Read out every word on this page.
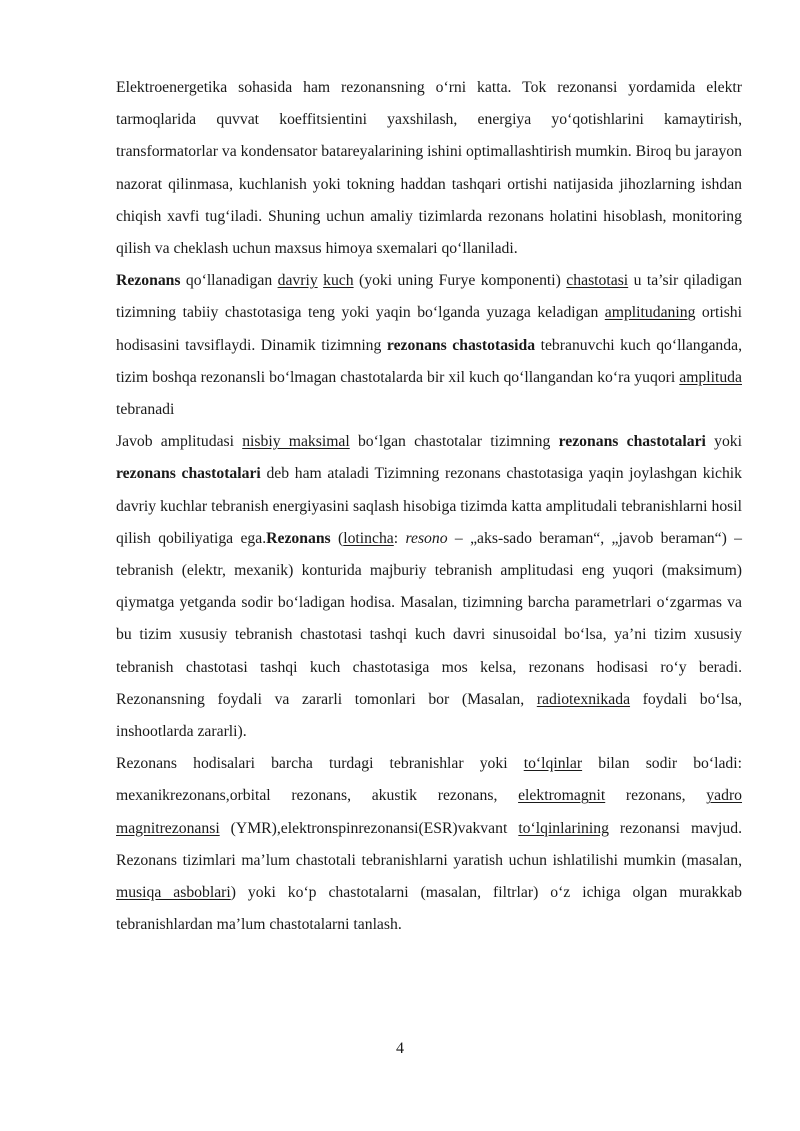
Elektroenergetika sohasida ham rezonansning o‘rni katta. Tok rezonansi yordamida elektr tarmoqlarida quvvat koeffitsientini yaxshilash, energiya yo‘qotishlarini kamaytirish, transformatorlar va kondensator batareyalarining ishini optimallashtirish mumkin. Biroq bu jarayon nazorat qilinmasa, kuchlanish yoki tokning haddan tashqari ortishi natijasida jihozlarning ishdan chiqish xavfi tug‘iladi. Shuning uchun amaliy tizimlarda rezonans holatini hisoblash, monitoring qilish va cheklash uchun maxsus himoya sxemalari qo‘llaniladi.

Rezonans qo‘llanadigan davriy kuch (yoki uning Furye komponenti) chastotasi u ta’sir qiladigan tizimning tabiiy chastotasiga teng yoki yaqin bo‘lganda yuzaga keladigan amplitudaning ortishi hodisasini tavsiflaydi. Dinamik tizimning rezonans chastotasida tebranuvchi kuch qo‘llanganda, tizim boshqa rezonansli bo‘lmagan chastotalarda bir xil kuch qo‘llangandan ko‘ra yuqori amplituda tebranadi

Javob amplitudasi nisbiy maksimal bo‘lgan chastotalar tizimning rezonans chastotalari yoki rezonans chastotalari deb ham ataladi Tizimning rezonans chastotasiga yaqin joylashgan kichik davriy kuchlar tebranish energiyasini saqlash hisobiga tizimda katta amplitudali tebranishlarni hosil qilish qobiliyatiga ega.Rezonans (lotincha: resono – „aks-sado beraman“, „javob beraman“) – tebranish (elektr, mexanik) konturida majburiy tebranish amplitudasi eng yuqori (maksimum) qiymatga yetganda sodir bo‘ladigan hodisa. Masalan, tizimning barcha parametrlari o‘zgarmas va bu tizim xususiy tebranish chastotasi tashqi kuch davri sinusoidal bo‘lsa, ya’ni tizim xususiy tebranish chastotasi tashqi kuch chastotasiga mos kelsa, rezonans hodisasi ro‘y beradi. Rezonansning foydali va zararli tomonlari bor (Masalan, radiotexnikada foydali bo‘lsa, inshootlarda zararli).

Rezonans hodisalari barcha turdagi tebranishlar yoki to‘lqinlar bilan sodir bo‘ladi: mexanikrezonans,orbital rezonans, akustik rezonans, elektromagnit rezonans, yadro magnitrezonansi (YMR),elektronspinrezonansi(ESR)vakvant to‘lqinlarining rezonansi mavjud. Rezonans tizimlari ma’lum chastotali tebranishlarni yaratish uchun ishlatilishi mumkin (masalan, musiqa asboblari) yoki ko‘p chastotalarni (masalan, filtrlar) o‘z ichiga olgan murakkab tebranishlardan ma’lum chastotalarni tanlash.

4
